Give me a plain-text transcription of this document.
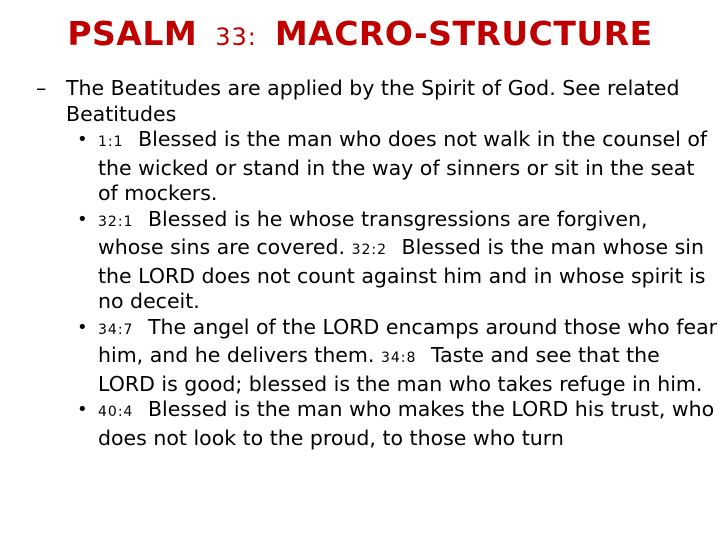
PSALM 33: MACRO-STRUCTURE
– The Beatitudes are applied by the Spirit of God. See related Beatitudes
• 1:1 Blessed is the man who does not walk in the counsel of the wicked or stand in the way of sinners or sit in the seat of mockers.
• 32:1 Blessed is he whose transgressions are forgiven, whose sins are covered. 32:2 Blessed is the man whose sin the LORD does not count against him and in whose spirit is no deceit.
• 34:7 The angel of the LORD encamps around those who fear him, and he delivers them. 34:8 Taste and see that the LORD is good; blessed is the man who takes refuge in him.
• 40:4 Blessed is the man who makes the LORD his trust, who does not look to the proud, to those who turn
